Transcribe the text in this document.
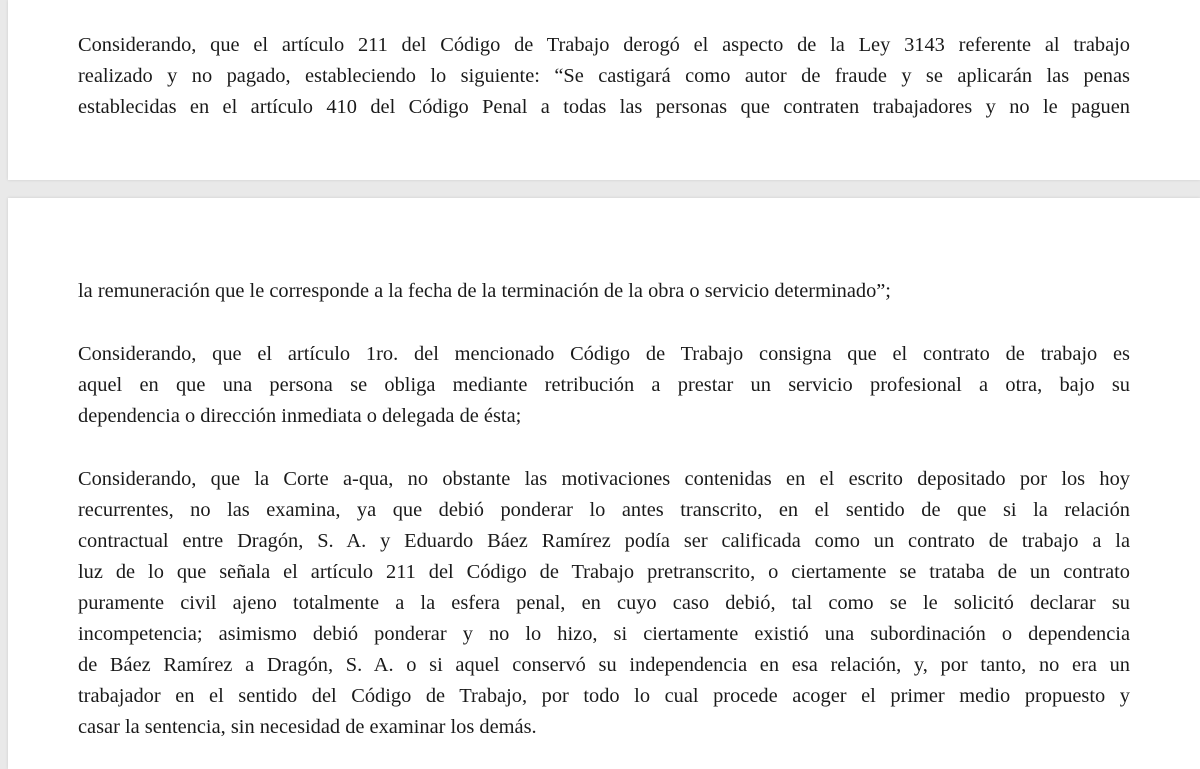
Considerando, que el artículo 211 del Código de Trabajo derogó el aspecto de la Ley 3143 referente al trabajo
realizado y no pagado, estableciendo lo siguiente: “Se castigará como autor de fraude y se aplicarán las penas
establecidas en el artículo 410 del Código Penal a todas las personas que contraten trabajadores y no le paguen
la remuneración que le corresponde a la fecha de la terminación de la obra o servicio determinado”;
Considerando, que el artículo 1ro. del mencionado Código de Trabajo consigna que el contrato de trabajo es
aquel en que una persona se obliga mediante retribución a prestar un servicio profesional a otra, bajo su
dependencia o dirección inmediata o delegada de ésta;
Considerando, que la Corte a-qua, no obstante las motivaciones contenidas en el escrito depositado por los hoy
recurrentes, no las examina, ya que debió ponderar lo antes transcrito, en el sentido de que si la relación
contractual entre Dragón, S. A. y Eduardo Báez Ramírez podía ser calificada como un contrato de trabajo a la
luz de lo que señala el artículo 211 del Código de Trabajo pretranscrito, o ciertamente se trataba de un contrato
puramente civil ajeno totalmente a la esfera penal, en cuyo caso debió, tal como se le solicitó declarar su
incompetencia; asimismo debió ponderar y no lo hizo, si ciertamente existió una subordinación o dependencia
de Báez Ramírez a Dragón, S. A. o si aquel conservó su independencia en esa relación, y, por tanto, no era un
trabajador en el sentido del Código de Trabajo, por todo lo cual procede acoger el primer medio propuesto y
casar la sentencia, sin necesidad de examinar los demás.
